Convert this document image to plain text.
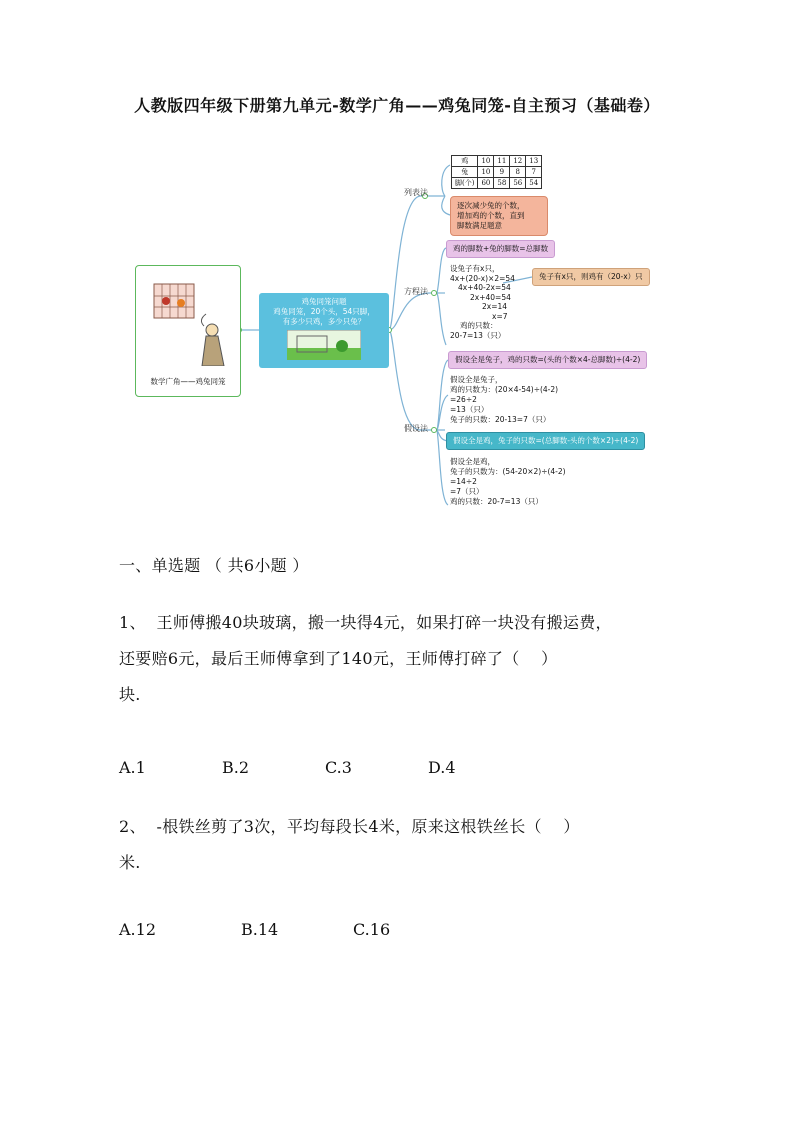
人教版四年级下册第九单元-数学广角——鸡兔同笼-自主预习（基础卷）
数学广角——鸡兔同笼
鸡兔同笼问题
鸡兔同笼，20个头，54只脚，
有多少只鸡，多少只兔？
列表法
鸡	10	11	12	13
兔	10	9	8	7
脚(个)	60	58	56	54
逐次减少兔的个数，
增加鸡的个数，直到
脚数满足题意
方程法
鸡的脚数+兔的脚数=总脚数
设兔子有x只，
4x+(20-x)×2=54
4x+40-2x=54
2x+40=54
2x=14
x=7
鸡的只数：
20-7=13（只）
兔子有x只，则鸡有（20-x）只
假设法
假设全是兔子，鸡的只数=(头的个数×4-总脚数)÷(4-2)
假设全是兔子，
鸡的只数为：(20×4-54)÷(4-2)
=26÷2
=13（只）
兔子的只数：20-13=7（只）
假设全是鸡，兔子的只数=(总脚数-头的个数×2)÷(4-2)
假设全是鸡，
兔子的只数为：(54-20×2)÷(4-2)
=14÷2
=7（只）
鸡的只数：20-7=13（只）
一、单选题 （ 共6小题 ）
1、  王师傅搬40块玻璃，搬一块得4元，如果打碎一块没有搬运费，
还要赔6元，最后王师傅拿到了140元，王师傅打碎了（    ）
块.
A.1	B.2	C.3	D.4
2、  -根铁丝剪了3次，平均每段长4米，原来这根铁丝长（    ）
米.
A.12	B.14	C.16
